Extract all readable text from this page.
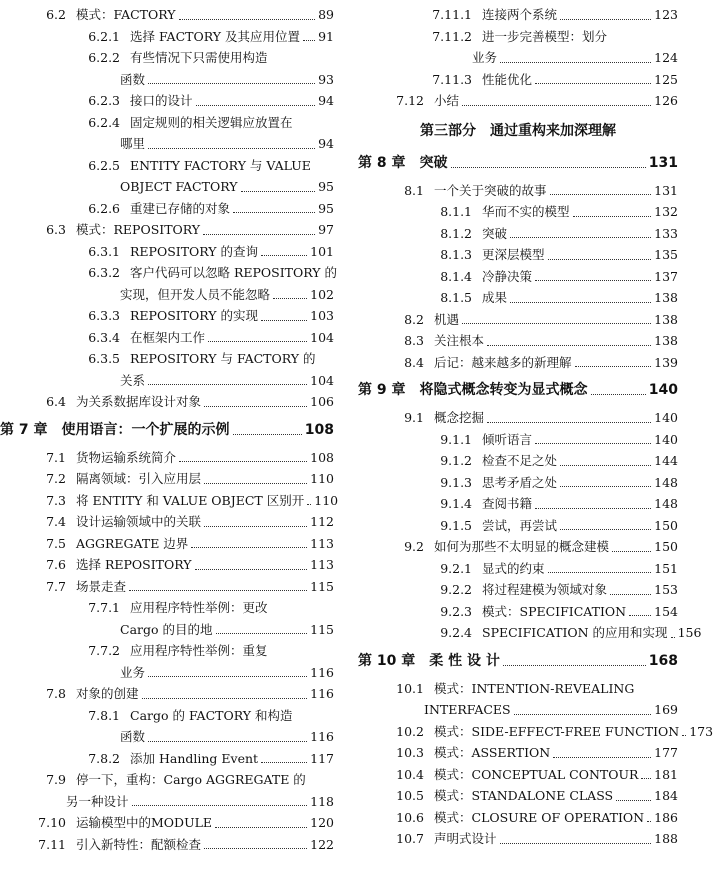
6.2 模式：FACTORY	89
6.2.1 选择 FACTORY 及其应用位置 91
6.2.2 有些情况下只需使用构造
函数	93
6.2.3 接口的设计	94
6.2.4 固定规则的相关逻辑应放置在
哪里	94
6.2.5 ENTITY FACTORY 与 VALUE
OBJECT FACTORY	95
6.2.6 重建已存储的对象	95
6.3 模式：REPOSITORY	97
6.3.1 REPOSITORY 的查询	101
6.3.2 客户代码可以忽略 REPOSITORY 的
实现，但开发人员不能忽略	102
6.3.3 REPOSITORY 的实现	103
6.3.4 在框架内工作	104
6.3.5 REPOSITORY 与 FACTORY 的
关系	104
6.4 为关系数据库设计对象	106
第 7 章	使用语言：一个扩展的示例	108
7.1 货物运输系统简介	108
7.2 隔离领域：引入应用层	110
7.3 将 ENTITY 和 VALUE OBJECT 区别开 110
7.4 设计运输领域中的关联	112
7.5 AGGREGATE 边界	113
7.6 选择 REPOSITORY	113
7.7 场景走查	115
7.7.1 应用程序特性举例：更改
Cargo 的目的地	115
7.7.2 应用程序特性举例：重复
业务	116
7.8 对象的创建	116
7.8.1 Cargo 的 FACTORY 和构造
函数	116
7.8.2 添加 Handling Event	117
7.9 停一下，重构：Cargo AGGREGATE 的
另一种设计	118
7.10 运输模型中的MODULE	120
7.11 引入新特性：配额检查	122
7.11.1 连接两个系统	123
7.11.2 进一步完善模型：划分
业务	124
7.11.3 性能优化	125
7.12 小结	126
第三部分　通过重构来加深理解
第 8 章	突破	131
8.1 一个关于突破的故事	131
8.1.1 华而不实的模型	132
8.1.2 突破	133
8.1.3 更深层模型	135
8.1.4 冷静决策	137
8.1.5 成果	138
8.2 机遇	138
8.3 关注根本	138
8.4 后记：越来越多的新理解	139
第 9 章	将隐式概念转变为显式概念	140
9.1 概念挖掘	140
9.1.1 倾听语言	140
9.1.2 检查不足之处	144
9.1.3 思考矛盾之处	148
9.1.4 查阅书籍	148
9.1.5 尝试，再尝试	150
9.2 如何为那些不太明显的概念建模	150
9.2.1 显式的约束	151
9.2.2 将过程建模为领域对象	153
9.2.3 模式：SPECIFICATION 154
9.2.4 SPECIFICATION 的应用和实现 156
第 10 章	柔 性 设 计	168
10.1 模式：INTENTION-REVEALING
INTERFACES	169
10.2 模式：SIDE-EFFECT-FREE FUNCTION 173
10.3 模式：ASSERTION	177
10.4 模式：CONCEPTUAL CONTOUR 181
10.5 模式：STANDALONE CLASS	184
10.6 模式：CLOSURE OF OPERATION 186
10.7 声明式设计	188
